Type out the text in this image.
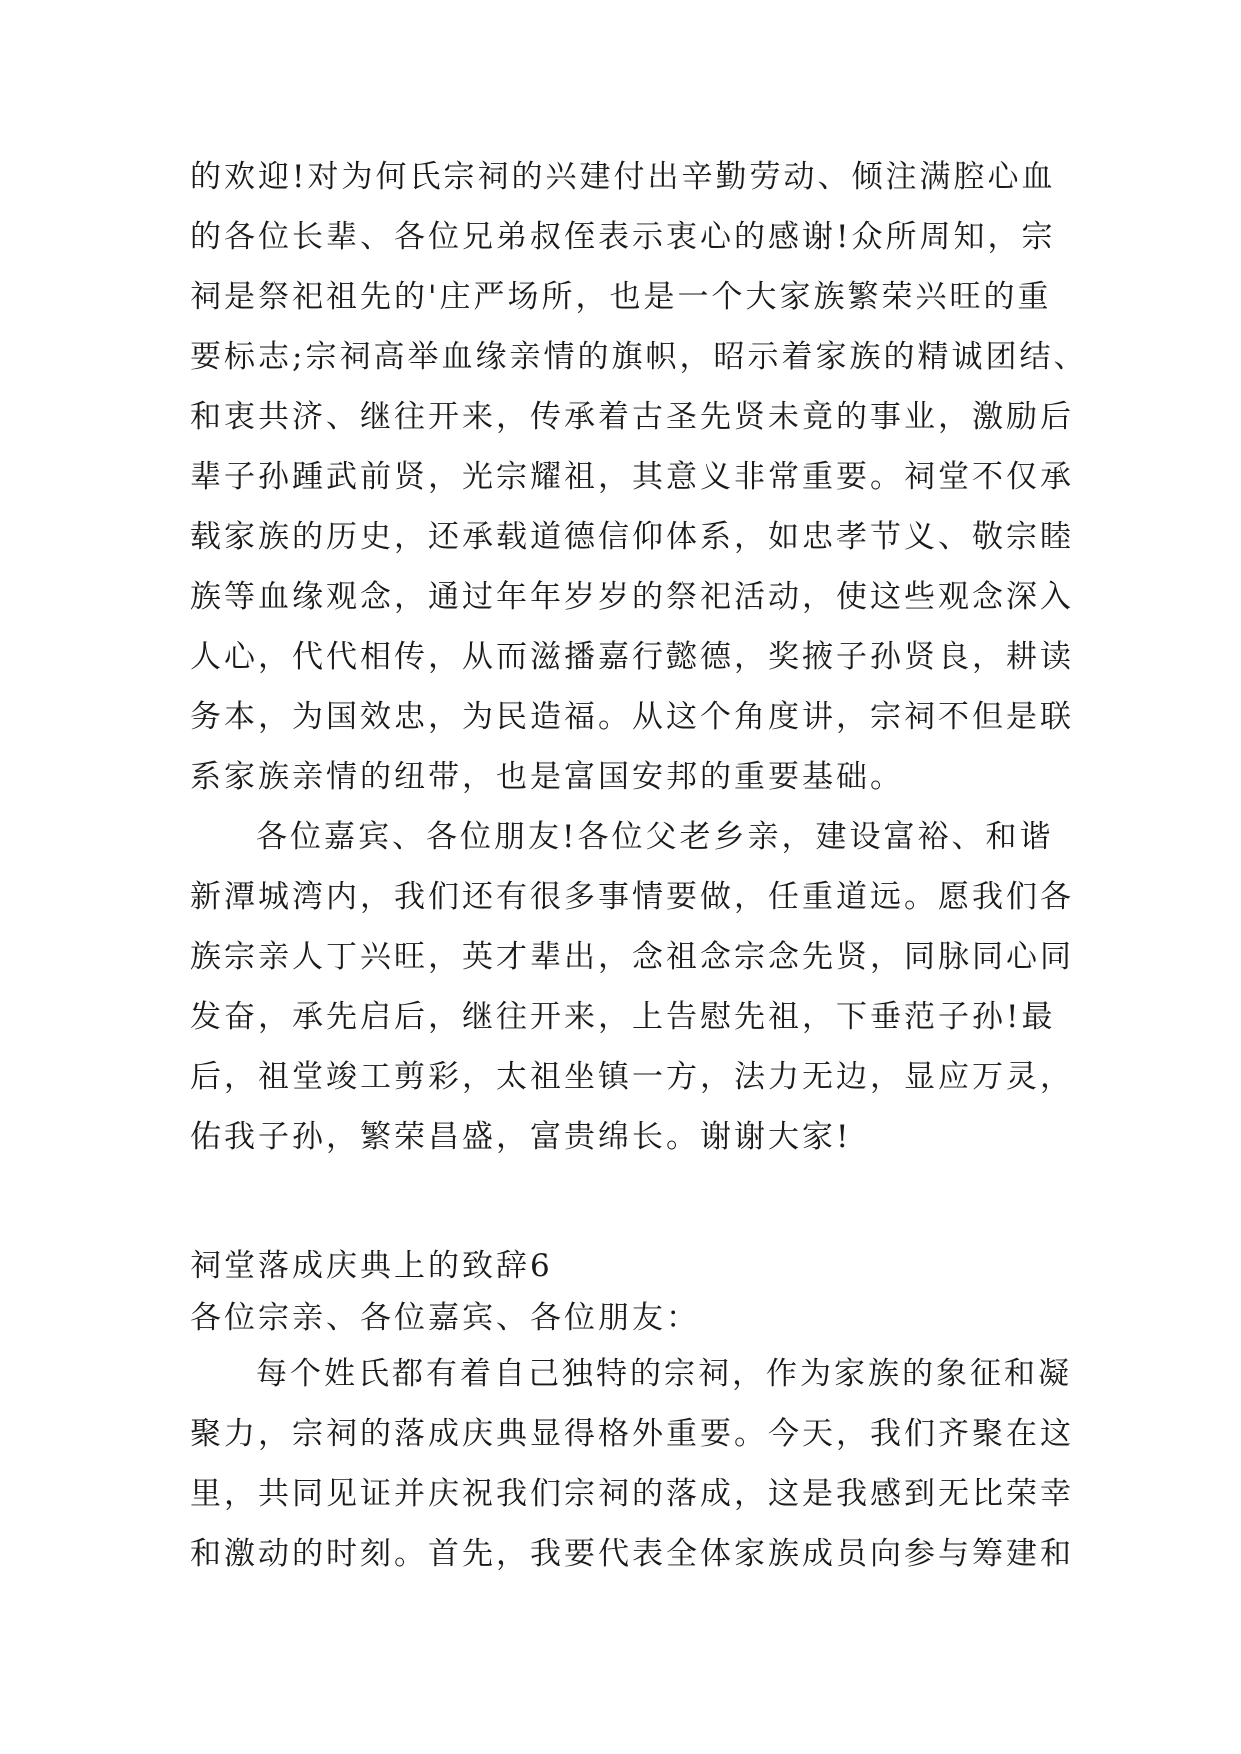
的欢迎!对为何氏宗祠的兴建付出辛勤劳动、倾注满腔心血
的各位长辈、各位兄弟叔侄表示衷心的感谢!众所周知，宗
祠是祭祀祖先的'庄严场所，也是一个大家族繁荣兴旺的重
要标志;宗祠高举血缘亲情的旗帜，昭示着家族的精诚团结、
和衷共济、继往开来，传承着古圣先贤未竟的事业，激励后
辈子孙踵武前贤，光宗耀祖，其意义非常重要。祠堂不仅承
载家族的历史，还承载道德信仰体系，如忠孝节义、敬宗睦
族等血缘观念，通过年年岁岁的祭祀活动，使这些观念深入
人心，代代相传，从而滋播嘉行懿德，奖掖子孙贤良，耕读
务本，为国效忠，为民造福。从这个角度讲，宗祠不但是联
系家族亲情的纽带，也是富国安邦的重要基础。
各位嘉宾、各位朋友!各位父老乡亲，建设富裕、和谐
新潭城湾内，我们还有很多事情要做，任重道远。愿我们各
族宗亲人丁兴旺，英才辈出，念祖念宗念先贤，同脉同心同
发奋，承先启后，继往开来，上告慰先祖，下垂范子孙!最
后，祖堂竣工剪彩，太祖坐镇一方，法力无边，显应万灵，
佑我子孙，繁荣昌盛，富贵绵长。谢谢大家!
祠堂落成庆典上的致辞6
各位宗亲、各位嘉宾、各位朋友：
每个姓氏都有着自己独特的宗祠，作为家族的象征和凝
聚力，宗祠的落成庆典显得格外重要。今天，我们齐聚在这
里，共同见证并庆祝我们宗祠的落成，这是我感到无比荣幸
和激动的时刻。首先，我要代表全体家族成员向参与筹建和
